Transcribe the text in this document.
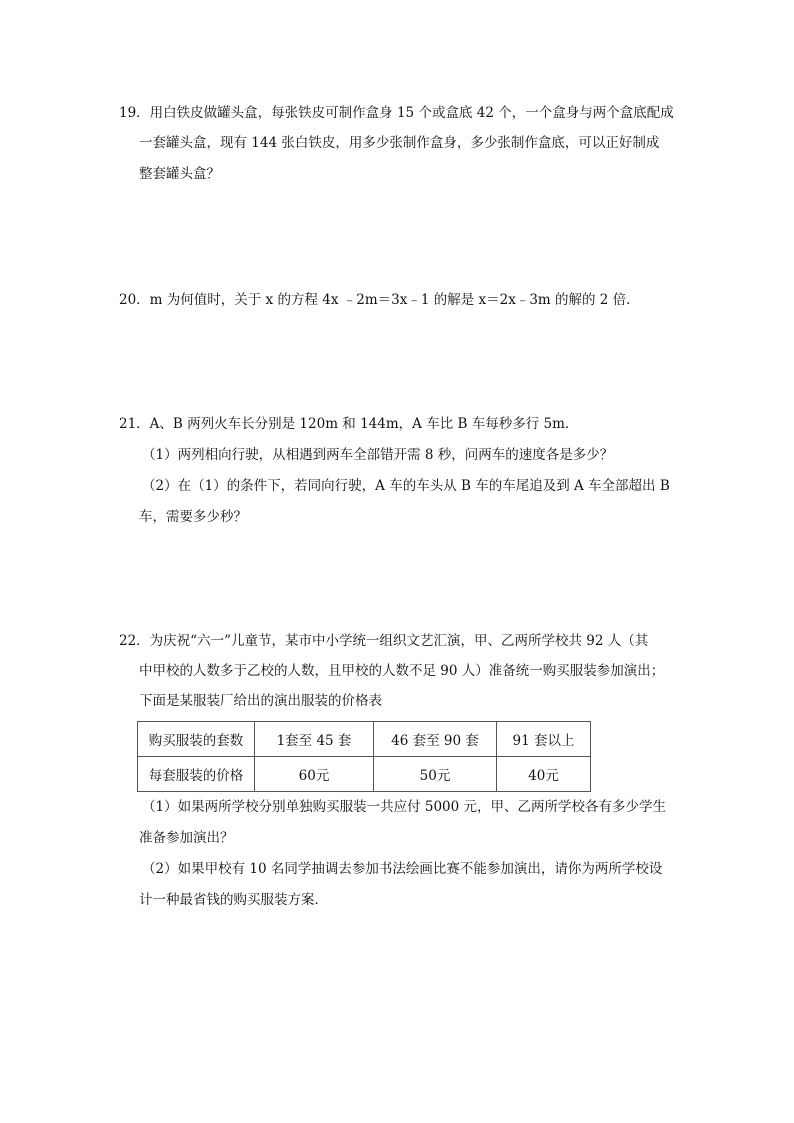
19．用白铁皮做罐头盒，每张铁皮可制作盒身 15 个或盒底 42 个，一个盒身与两个盒底配成
一套罐头盒，现有 144 张白铁皮，用多少张制作盒身，多少张制作盒底，可以正好制成
整套罐头盒？
20．m 为何值时，关于 x 的方程 4x ﹣2m＝3x﹣1 的解是 x＝2x﹣3m 的解的 2 倍．
21．A、B 两列火车长分别是 120m 和 144m，A 车比 B 车每秒多行 5m．
（1）两列相向行驶，从相遇到两车全部错开需 8 秒，问两车的速度各是多少？
（2）在（1）的条件下，若同向行驶，A 车的车头从 B 车的车尾追及到 A 车全部超出 B
车，需要多少秒？
22．为庆祝“六一”儿童节，某市中小学统一组织文艺汇演，甲、乙两所学校共 92 人（其
中甲校的人数多于乙校的人数，且甲校的人数不足 90 人）准备统一购买服装参加演出；
下面是某服装厂给出的演出服装的价格表
购买服装的套数	1套至 45 套	46 套至 90 套	91 套以上
每套服装的价格	60元	50元	40元
（1）如果两所学校分别单独购买服装一共应付 5000 元，甲、乙两所学校各有多少学生
准备参加演出？
（2）如果甲校有 10 名同学抽调去参加书法绘画比赛不能参加演出，请你为两所学校设
计一种最省钱的购买服装方案．
